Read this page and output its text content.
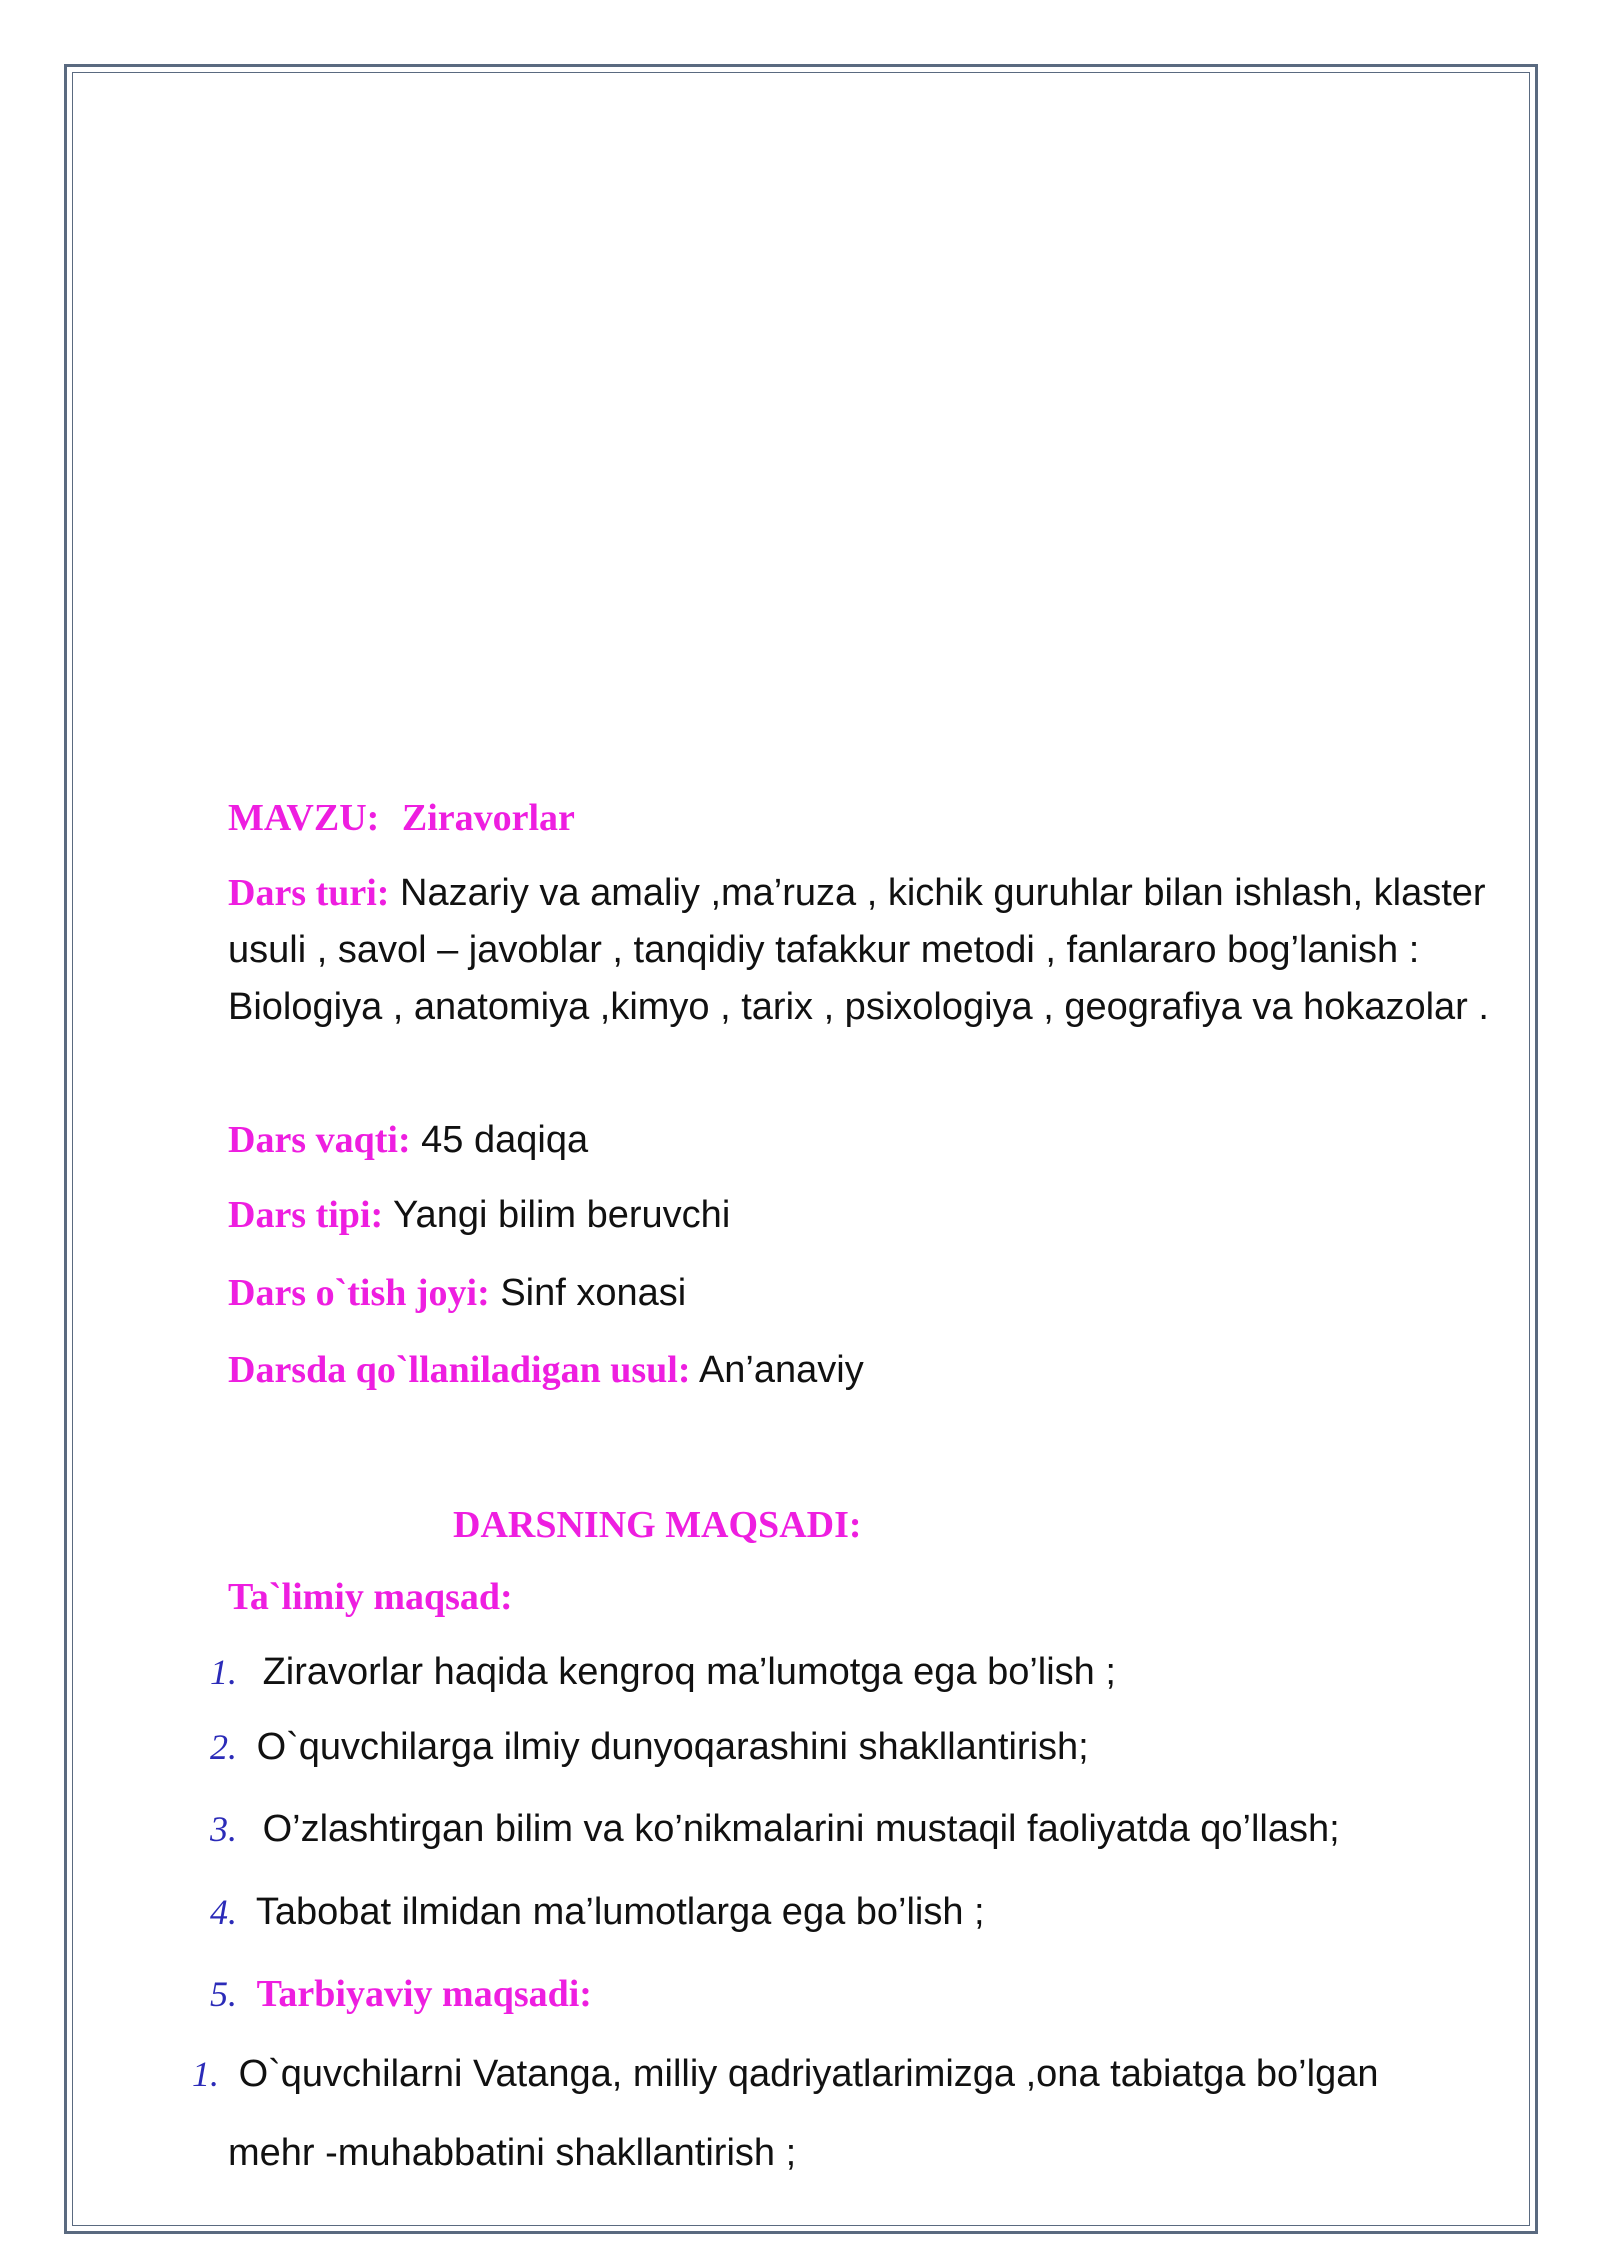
MAVZU: Ziravorlar
Dars turi: Nazariy va amaliy ,ma’ruza , kichik guruhlar bilan ishlash, klaster usuli , savol – javoblar , tanqidiy tafakkur metodi , fanlararo bog’lanish : Biologiya , anatomiya ,kimyo , tarix , psixologiya , geografiya va hokazolar .
Dars vaqti: 45 daqiqa
Dars tipi: Yangi bilim beruvchi
Dars o`tish joyi: Sinf xonasi
Darsda qo`llaniladigan usul: An’anaviy
DARSNING MAQSADI:
Ta`limiy maqsad:
1. Ziravorlar haqida kengroq ma’lumotga ega bo’lish ;
2. O`quvchilarga ilmiy dunyoqarashini shakllantirish;
3. O’zlashtirgan bilim va ko’nikmalarini mustaqil faoliyatda qo’llash;
4. Tabobat ilmidan ma’lumotlarga ega bo’lish ;
5. Tarbiyaviy maqsadi:
1. O`quvchilarni Vatanga, milliy qadriyatlarimizga ,ona tabiatga bo’lgan
mehr -muhabbatini shakllantirish ;
